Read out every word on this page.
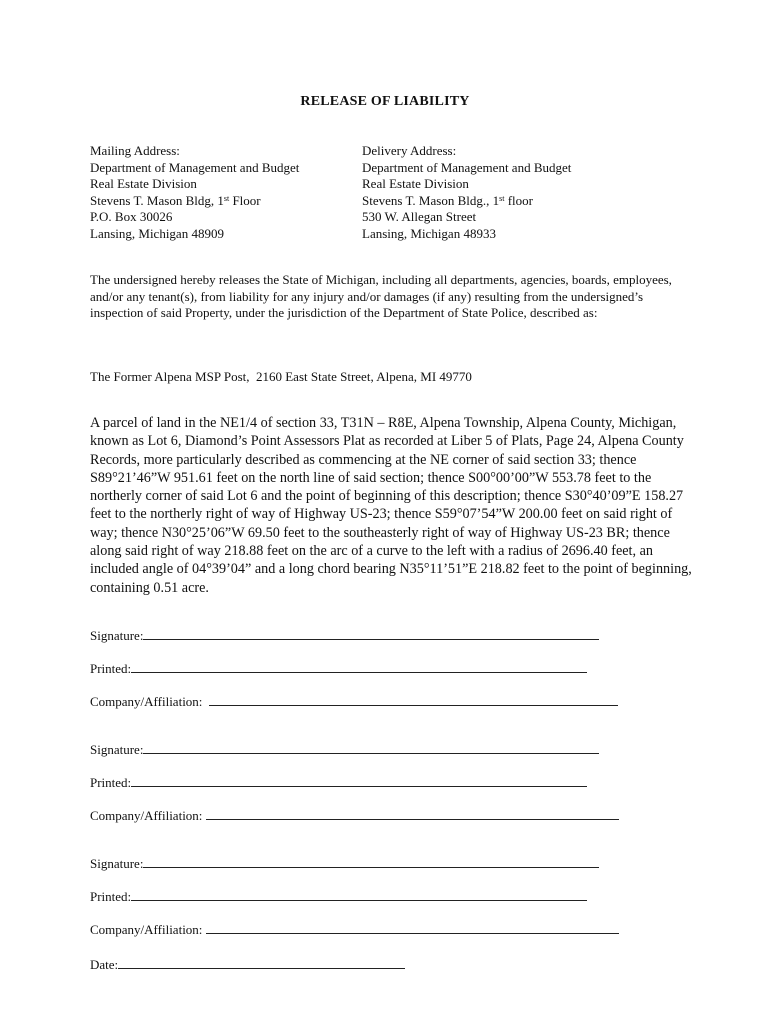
RELEASE OF LIABILITY
Mailing Address:
Department of Management and Budget
Real Estate Division
Stevens T. Mason Bldg, 1st Floor
P.O. Box 30026
Lansing, Michigan 48909
Delivery Address:
Department of Management and Budget
Real Estate Division
Stevens T. Mason Bldg., 1st floor
530 W. Allegan Street
Lansing, Michigan 48933
The undersigned hereby releases the State of Michigan, including all departments, agencies, boards, employees, and/or any tenant(s), from liability for any injury and/or damages (if any) resulting from the undersigned’s inspection of said Property, under the jurisdiction of the Department of State Police, described as:
The Former Alpena MSP Post,  2160 East State Street, Alpena, MI 49770
A parcel of land in the NE1/4 of section 33, T31N – R8E, Alpena Township, Alpena County, Michigan, known as Lot 6, Diamond’s Point Assessors Plat as recorded at Liber 5 of Plats, Page 24, Alpena County Records, more particularly described as commencing at the NE corner of said section 33; thence S89°21’46”W 951.61 feet on the north line of said section; thence S00°00’00”W 553.78 feet to the northerly corner of said Lot 6 and the point of beginning of this description; thence S30°40’09”E 158.27 feet to the northerly right of way of Highway US-23; thence S59°07’54”W 200.00 feet on said right of way; thence N30°25’06”W 69.50 feet to the southeasterly right of way of Highway US-23 BR; thence along said right of way 218.88 feet on the arc of a curve to the left with a radius of 2696.40 feet, an included angle of 04°39’04” and a long chord bearing N35°11’51”E 218.82 feet to the point of beginning, containing 0.51 acre.
Signature:
Printed:
Company/Affiliation:
Signature:
Printed:
Company/Affiliation:
Signature:
Printed:
Company/Affiliation:
Date:
